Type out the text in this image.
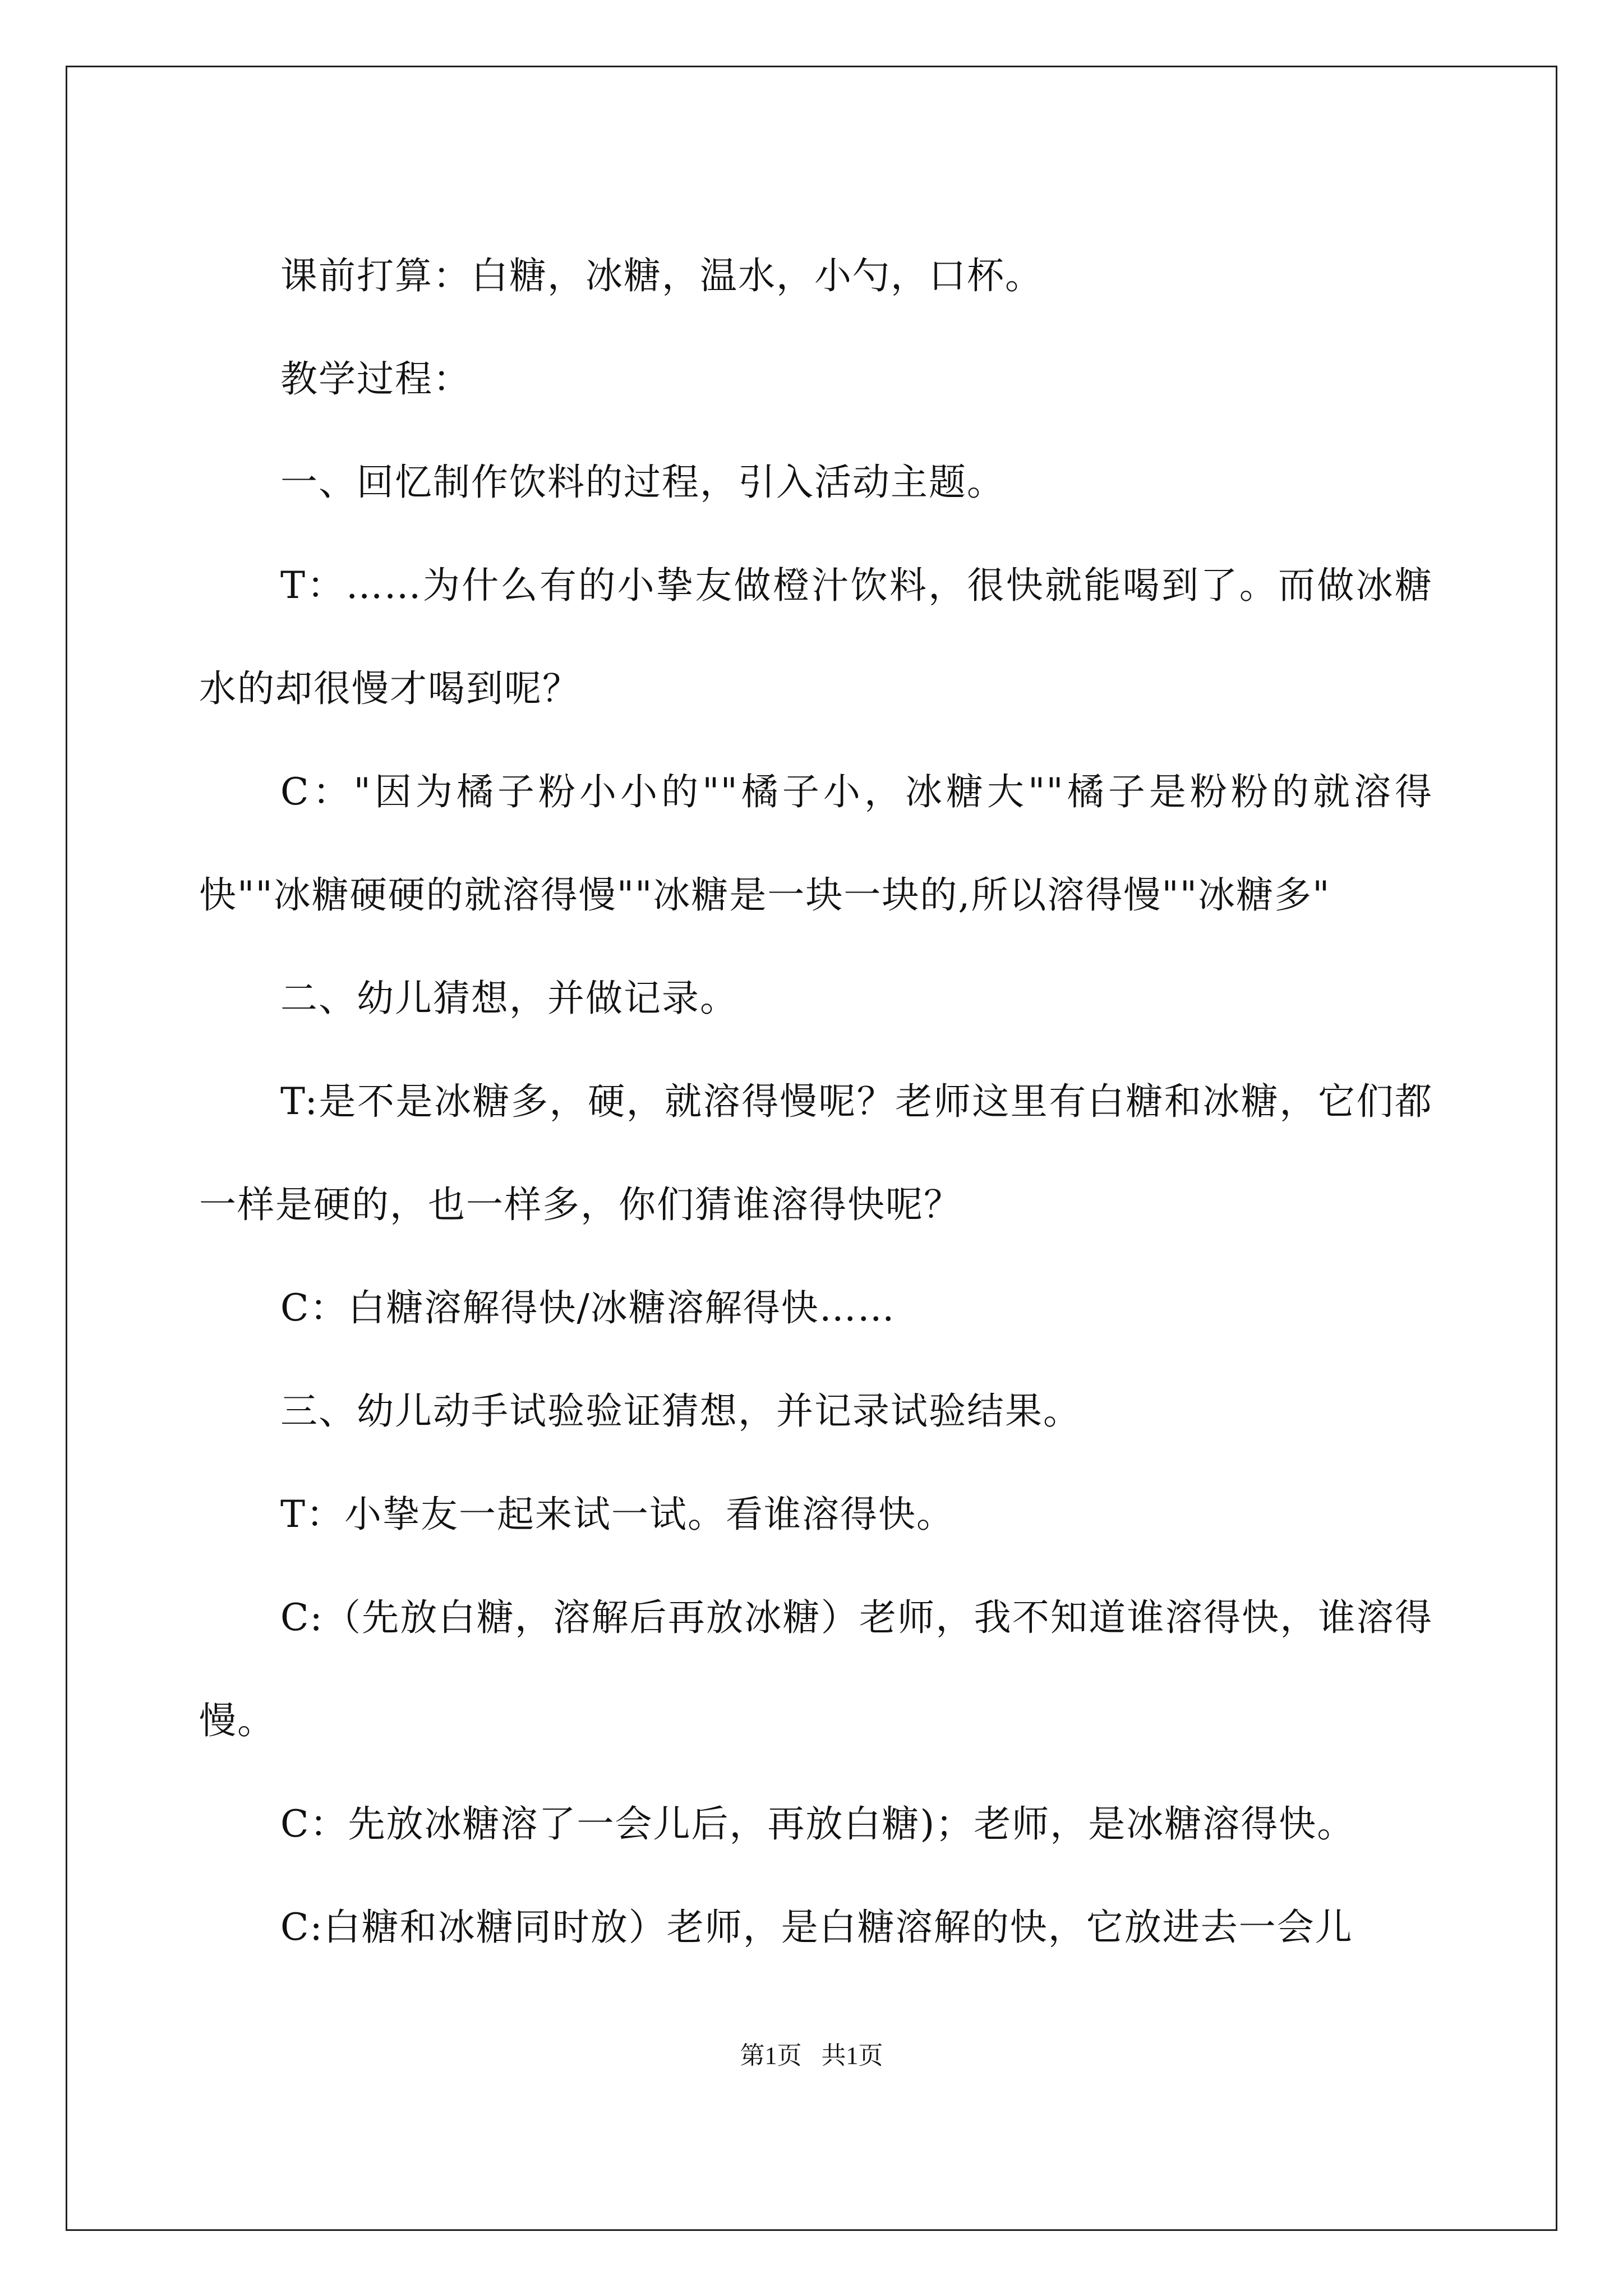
课前打算：白糖，冰糖，温水，小勺，口杯。

教学过程：

一、回忆制作饮料的过程，引入活动主题。

T：……为什么有的小挚友做橙汁饮料，很快就能喝到了。而做冰糖水的却很慢才喝到呢？

C："因为橘子粉小小的""橘子小，冰糖大""橘子是粉粉的就溶得快""冰糖硬硬的就溶得慢""冰糖是一块一块的,所以溶得慢""冰糖多"

二、幼儿猜想，并做记录。

T:是不是冰糖多，硬，就溶得慢呢？老师这里有白糖和冰糖，它们都一样是硬的，也一样多，你们猜谁溶得快呢？

C：白糖溶解得快/冰糖溶解得快……

三、幼儿动手试验验证猜想，并记录试验结果。

T：小挚友一起来试一试。看谁溶得快。

C:（先放白糖，溶解后再放冰糖）老师，我不知道谁溶得快，谁溶得慢。

C：先放冰糖溶了一会儿后，再放白糖)；老师，是冰糖溶得快。

C:白糖和冰糖同时放）老师，是白糖溶解的快，它放进去一会儿

第1页 共1页
